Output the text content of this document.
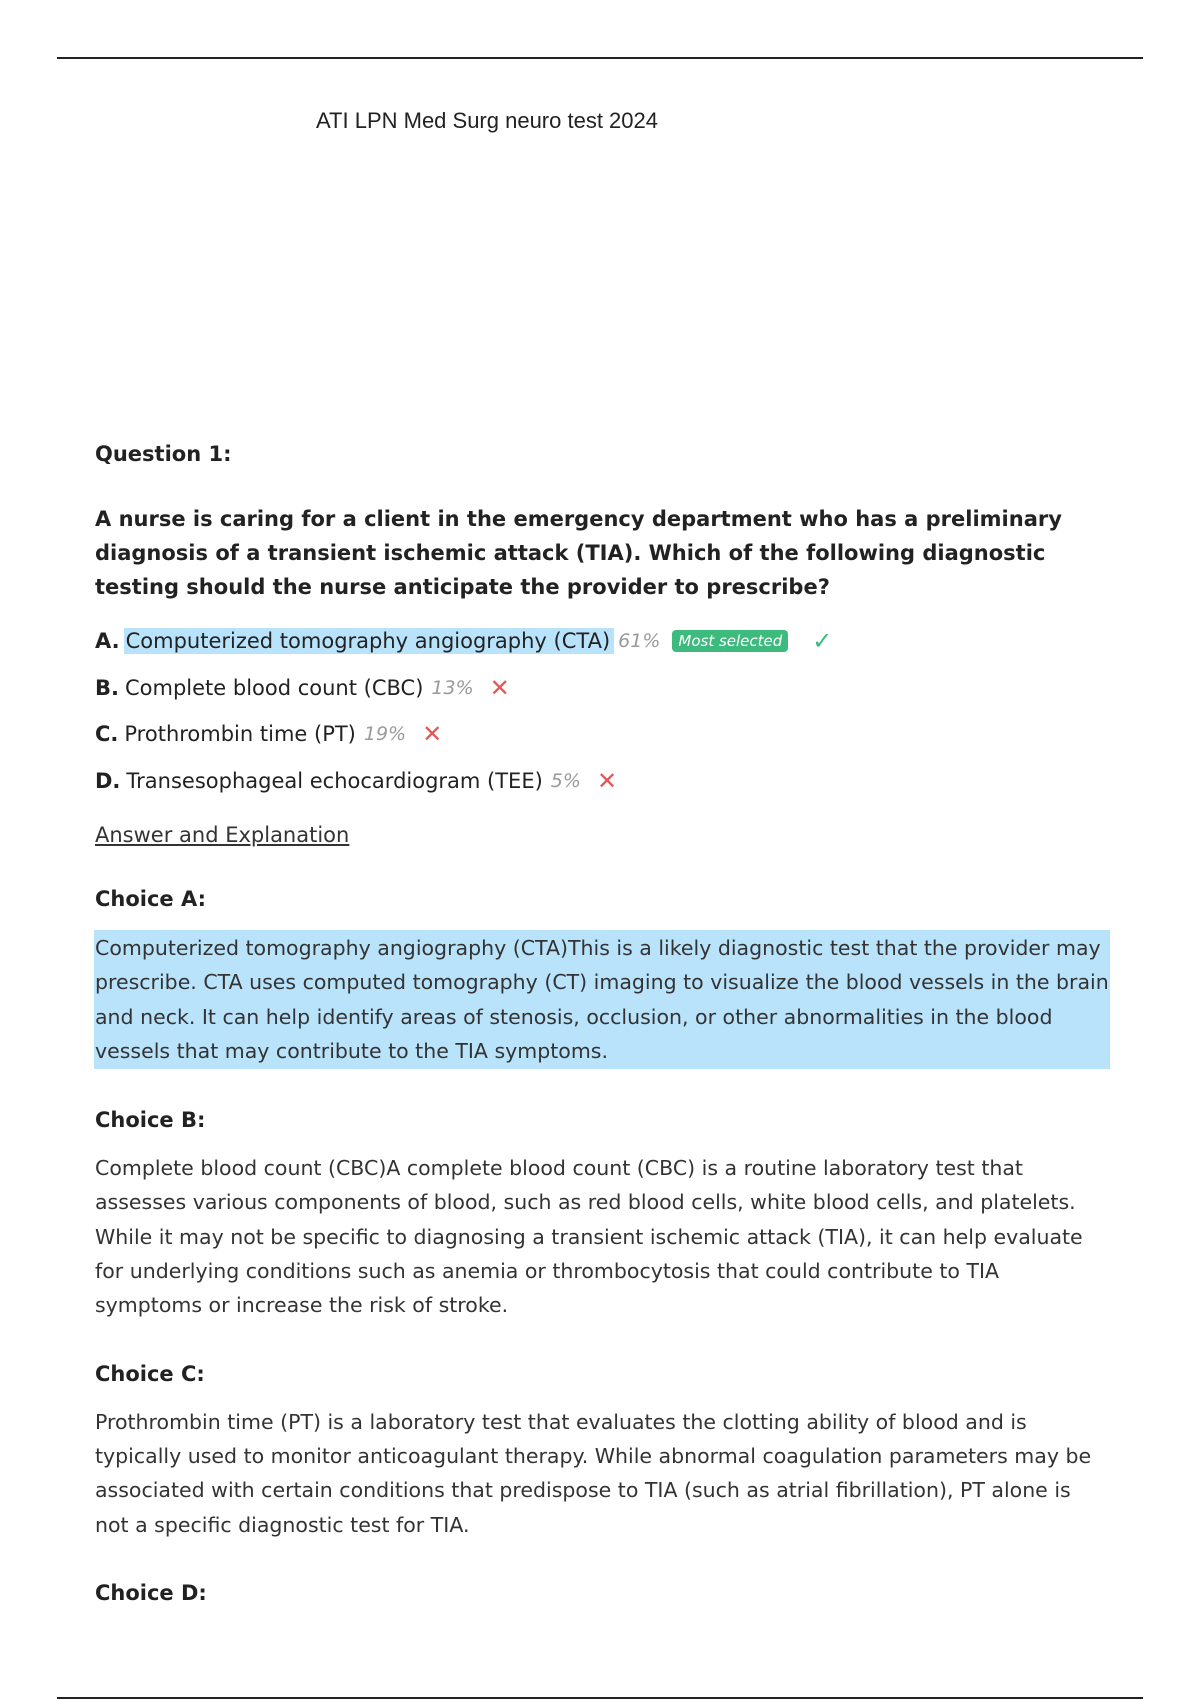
ATI LPN Med Surg neuro test 2024
Question 1:

A nurse is caring for a client in the emergency department who has a preliminary diagnosis of a transient ischemic attack (TIA). Which of the following diagnostic testing should the nurse anticipate the provider to prescribe?

A. Computerized tomography angiography (CTA) 61%	Most selected ✓
B. Complete blood count (CBC) 13% ✕
C. Prothrombin time (PT) 19% ✕
D. Transesophageal echocardiogram (TEE) 5% ✕
Answer and Explanation
Choice A:

Computerized tomography angiography (CTA)This is a likely diagnostic test that the provider may prescribe. CTA uses computed tomography (CT) imaging to visualize the blood vessels in the brain and neck. It can help identify areas of stenosis, occlusion, or other abnormalities in the blood vessels that may contribute to the TIA symptoms.

Choice B:

Complete blood count (CBC)A complete blood count (CBC) is a routine laboratory test that assesses various components of blood, such as red blood cells, white blood cells, and platelets. While it may not be specific to diagnosing a transient ischemic attack (TIA), it can help evaluate for underlying conditions such as anemia or thrombocytosis that could contribute to TIA symptoms or increase the risk of stroke.

Choice C:

Prothrombin time (PT) is a laboratory test that evaluates the clotting ability of blood and is typically used to monitor anticoagulant therapy. While abnormal coagulation parameters may be associated with certain conditions that predispose to TIA (such as atrial fibrillation), PT alone is not a specific diagnostic test for TIA.

Choice D:
